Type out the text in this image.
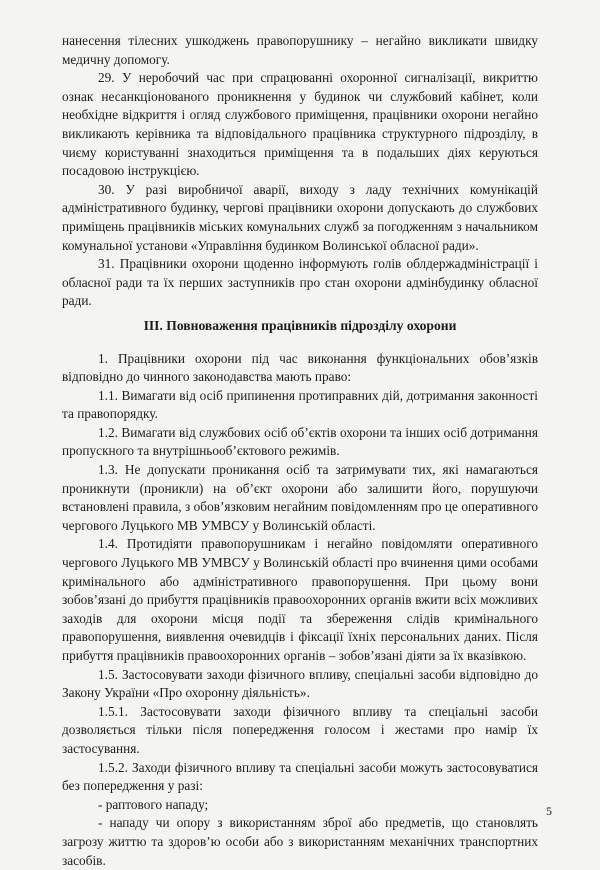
нанесення тілесних ушкоджень правопорушнику – негайно викликати швидку медичну допомогу.

29. У неробочий час при спрацюванні охоронної сигналізації, викриттю ознак несанкціонованого проникнення у будинок чи службовий кабінет, коли необхідне відкриття і огляд службового приміщення, працівники охорони негайно викликають керівника та відповідального працівника структурного підрозділу, в чиєму користуванні знаходиться приміщення та в подальших діях керуються посадовою інструкцією.

30. У разі виробничої аварії, виходу з ладу технічних комунікацій адміністративного будинку, чергові працівники охорони допускають до службових приміщень працівників міських комунальних служб за погодженням з начальником комунальної установи «Управління будинком Волинської обласної ради».

31. Працівники охорони щоденно інформують голів облдержадміністрації і обласної ради та їх перших заступників про стан охорони адмінбудинку обласної ради.

ІІІ. Повноваження працівників підрозділу охорони

1. Працівники охорони під час виконання функціональних обов’язків відповідно до чинного законодавства мають право:

1.1. Вимагати від осіб припинення протиправних дій, дотримання законності та правопорядку.

1.2. Вимагати від службових осіб об’єктів охорони та інших осіб дотримання пропускного та внутрішньооб’єктового режимів.

1.3. Не допускати проникання осіб та затримувати тих, які намагаються проникнути (проникли) на об’єкт охорони або залишити його, порушуючи встановлені правила, з обов’язковим негайним повідомленням про це оперативного чергового Луцького МВ УМВСУ у Волинській області.

1.4. Протидіяти правопорушникам і негайно повідомляти оперативного чергового Луцького МВ УМВСУ у Волинській області про вчинення цими особами кримінального або адміністративного правопорушення. При цьому вони зобов’язані до прибуття працівників правоохоронних органів вжити всіх можливих заходів для охорони місця події та збереження слідів кримінального правопорушення, виявлення очевидців і фіксації їхніх персональних даних. Після прибуття працівників правоохоронних органів – зобов’язані діяти за їх вказівкою.

1.5. Застосовувати заходи фізичного впливу, спеціальні засоби відповідно до Закону України «Про охоронну діяльність».

1.5.1. Застосовувати заходи фізичного впливу та спеціальні засоби дозволяється тільки після попередження голосом і жестами про намір їх застосування.

1.5.2. Заходи фізичного впливу та спеціальні засоби можуть застосовуватися без попередження у разі:

- раптового нападу;

- нападу чи опору з використанням зброї або предметів, що становлять загрозу життю та здоров’ю особи або з використанням механічних транспортних засобів.

5
